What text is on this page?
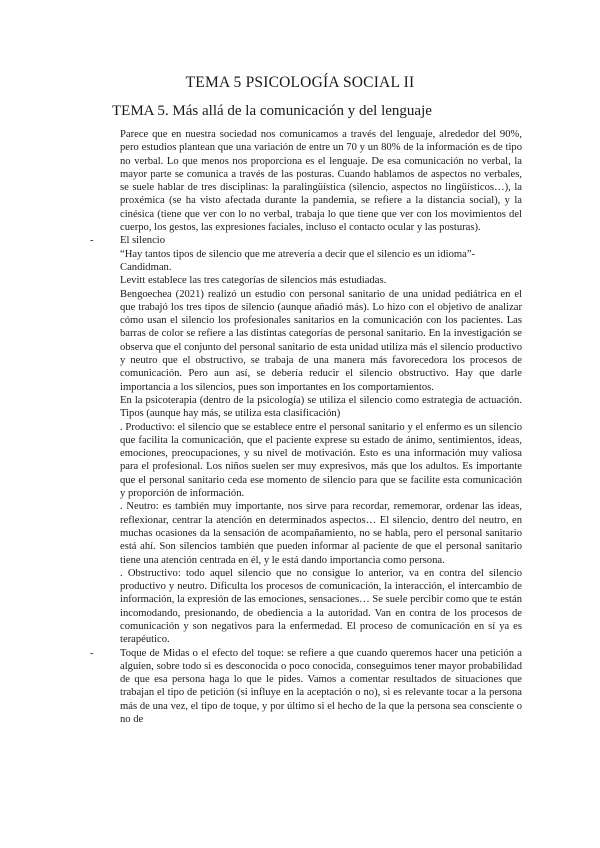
TEMA 5 PSICOLOGÍA SOCIAL II
TEMA 5. Más allá de la comunicación y del lenguaje

Parece que en nuestra sociedad nos comunicamos a través del lenguaje, alrededor del 90%, pero estudios plantean que una variación de entre un 70 y un 80% de la información es de tipo no verbal. Lo que menos nos proporciona es el lenguaje. De esa comunicación no verbal, la mayor parte se comunica a través de las posturas. Cuando hablamos de aspectos no verbales, se suele hablar de tres disciplinas: la paralingüística (silencio, aspectos no lingüísticos…), la proxémica (se ha visto afectada durante la pandemia, se refiere a la distancia social), y la cinésica (tiene que ver con lo no verbal, trabaja lo que tiene que ver con los movimientos del cuerpo, los gestos, las expresiones faciales, incluso el contacto ocular y las posturas).

- El silencio

“Hay tantos tipos de silencio que me atrevería a decir que el silencio es un idioma”- Candidman.

Levitt establece las tres categorías de silencios más estudiadas.

Bengoechea (2021) realizó un estudio con personal sanitario de una unidad pediátrica en el que trabajó los tres tipos de silencio (aunque añadió más). Lo hizo con el objetivo de analizar cómo usan el silencio los profesionales sanitarios en la comunicación con los pacientes. Las barras de color se refiere a las distintas categorías de personal sanitario. En la investigación se observa que el conjunto del personal sanitario de esta unidad utiliza más el silencio productivo y neutro que el obstructivo, se trabaja de una manera más favorecedora los procesos de comunicación. Pero aun así, se debería reducir el silencio obstructivo. Hay que darle importancia a los silencios, pues son importantes en los comportamientos.

En la psicoterapia (dentro de la psicología) se utiliza el silencio como estrategia de actuación. Tipos (aunque hay más, se utiliza esta clasificación)

. Productivo: el silencio que se establece entre el personal sanitario y el enfermo es un silencio que facilita la comunicación, que el paciente exprese su estado de ánimo, sentimientos, ideas, emociones, preocupaciones, y su nivel de motivación. Esto es una información muy valiosa para el profesional. Los niños suelen ser muy expresivos, más que los adultos. Es importante que el personal sanitario ceda ese momento de silencio para que se facilite esta comunicación y proporción de información.

. Neutro: es también muy importante, nos sirve para recordar, rememorar, ordenar las ideas, reflexionar, centrar la atención en determinados aspectos… El silencio, dentro del neutro, en muchas ocasiones da la sensación de acompañamiento, no se habla, pero el personal sanitario está ahí. Son silencios también que pueden informar al paciente de que el personal sanitario tiene una atención centrada en él, y le está dando importancia como persona.

. Obstructivo: todo aquel silencio que no consigue lo anterior, va en contra del silencio productivo y neutro. Dificulta los procesos de comunicación, la interacción, el intercambio de información, la expresión de las emociones, sensaciones… Se suele percibir como que te están incomodando, presionando, de obediencia a la autoridad. Van en contra de los procesos de comunicación y son negativos para la enfermedad. El proceso de comunicación en sí ya es terapéutico.

- Toque de Midas o el efecto del toque: se refiere a que cuando queremos hacer una petición a alguien, sobre todo si es desconocida o poco conocida, conseguimos tener mayor probabilidad de que esa persona haga lo que le pides. Vamos a comentar resultados de situaciones que trabajan el tipo de petición (si influye en la aceptación o no), si es relevante tocar a la persona más de una vez, el tipo de toque, y por último si el hecho de la que la persona sea consciente o no de
